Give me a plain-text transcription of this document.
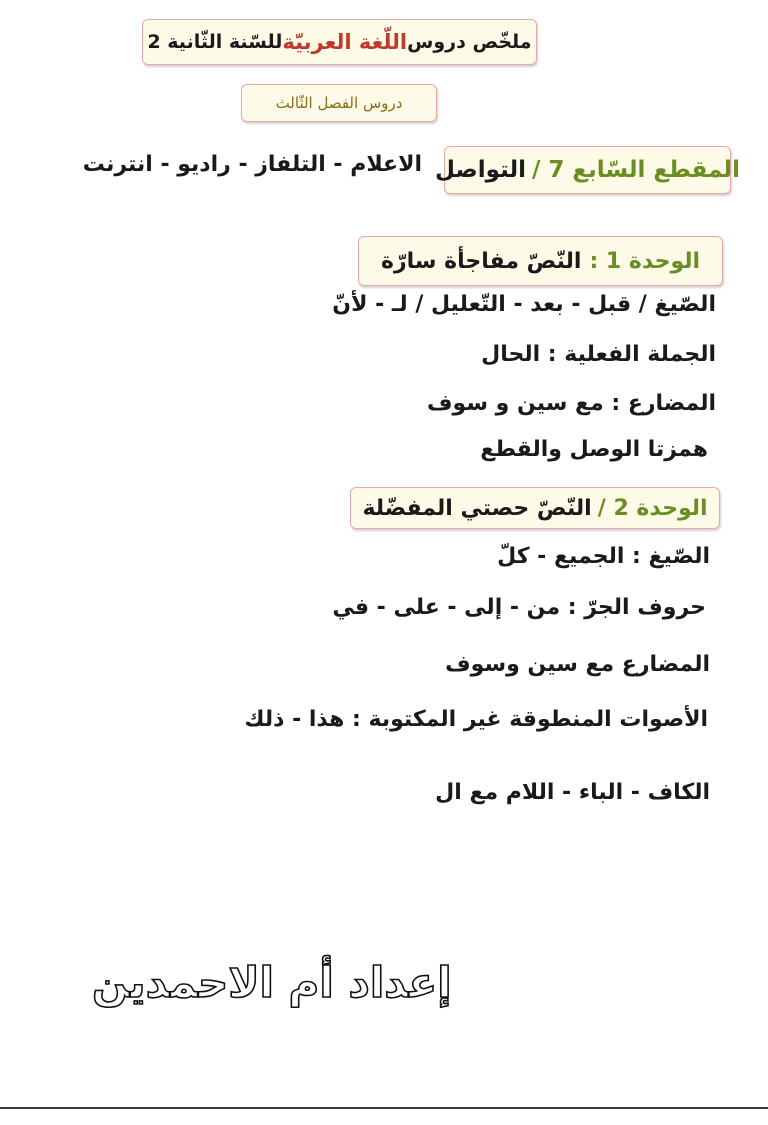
ملخّص دروس
اللّغة العربيّة
للسّنة الثّانية 2
دروس الفصل الثّالث
المقطع السّابع 7 /
التواصل
الاعلام - التلفاز - راديو - انترنت
الوحدة 1 :
النّصّ مفاجأة سارّة
الصّيغ / قبل - بعد - التّعليل / لـ - لأنّ
الجملة الفعلية : الحال
المضارع : مع سين و سوف
همزتا الوصل والقطع
الوحدة 2 /
النّصّ حصتي المفضّلة
الصّيغ : الجميع - كلّ
حروف الجرّ : من - إلى - على - في
المضارع مع سين وسوف
الأصوات المنطوقة غير المكتوبة : هذا - ذلك
الكاف - الباء - اللام مع ال
إعداد أم الاحمدين
